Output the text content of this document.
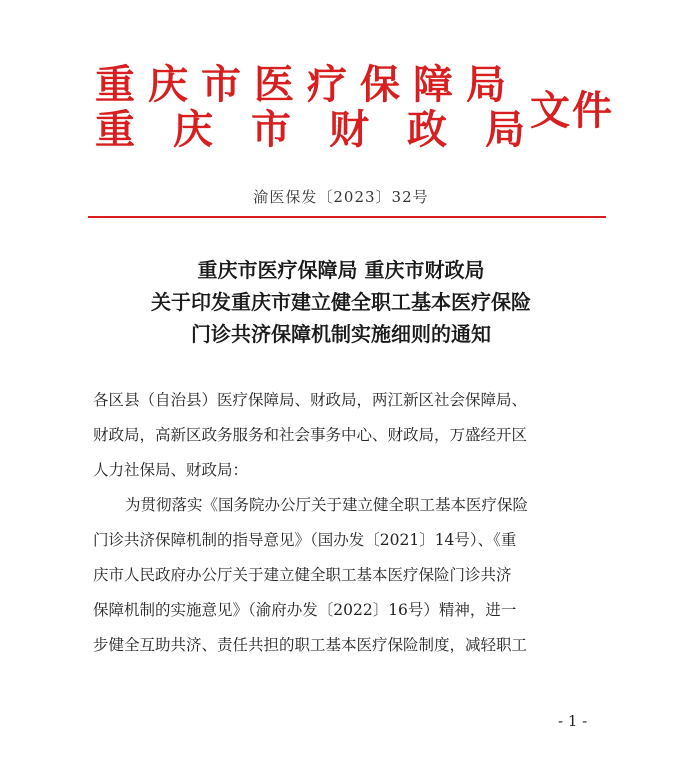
重庆市医疗保障局
重 庆 市 财 政 局 文件
渝医保发〔2023〕32号
重庆市医疗保障局 重庆市财政局
关于印发重庆市建立健全职工基本医疗保险
门诊共济保障机制实施细则的通知
各区县（自治县）医疗保障局、财政局，两江新区社会保障局、
财政局，高新区政务服务和社会事务中心、财政局，万盛经开区
人力社保局、财政局：
为贯彻落实《国务院办公厅关于建立健全职工基本医疗保险
门诊共济保障机制的指导意见》（国办发〔2021〕14号）、《重
庆市人民政府办公厅关于建立健全职工基本医疗保险门诊共济
保障机制的实施意见》（渝府办发〔2022〕16号）精神，进一
步健全互助共济、责任共担的职工基本医疗保险制度，减轻职工
- 1 -
